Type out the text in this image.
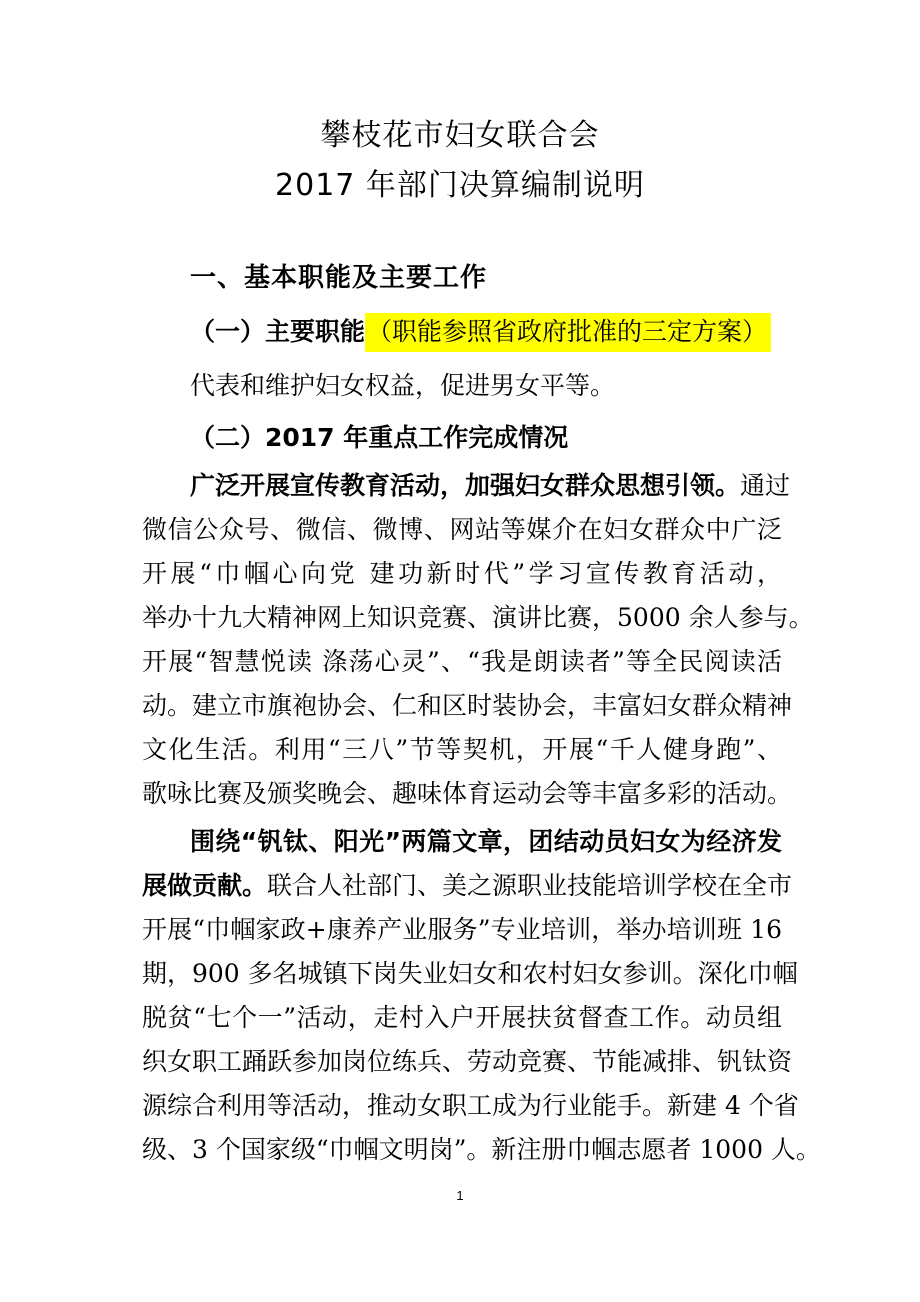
攀枝花市妇女联合会
2017 年部门决算编制说明
一、基本职能及主要工作
（一）主要职能（职能参照省政府批准的三定方案）
代表和维护妇女权益，促进男女平等。
（二）2017 年重点工作完成情况
广泛开展宣传教育活动，加强妇女群众思想引领。通过
微信公众号、微信、微博、网站等媒介在妇女群众中广泛
开展“巾帼心向党 建功新时代”学习宣传教育活动，
举办十九大精神网上知识竞赛、演讲比赛，5000 余人参与。
开展“智慧悦读 涤荡心灵”、“我是朗读者”等全民阅读活
动。建立市旗袍协会、仁和区时装协会，丰富妇女群众精神
文化生活。利用“三八”节等契机，开展“千人健身跑”、
歌咏比赛及颁奖晚会、趣味体育运动会等丰富多彩的活动。
围绕“钒钛、阳光”两篇文章，团结动员妇女为经济发
展做贡献。联合人社部门、美之源职业技能培训学校在全市
开展“巾帼家政+康养产业服务”专业培训，举办培训班 16
期，900 多名城镇下岗失业妇女和农村妇女参训。深化巾帼
脱贫“七个一”活动，走村入户开展扶贫督查工作。动员组
织女职工踊跃参加岗位练兵、劳动竞赛、节能减排、钒钛资
源综合利用等活动，推动女职工成为行业能手。新建 4 个省
级、3 个国家级“巾帼文明岗”。新注册巾帼志愿者 1000 人。
1
